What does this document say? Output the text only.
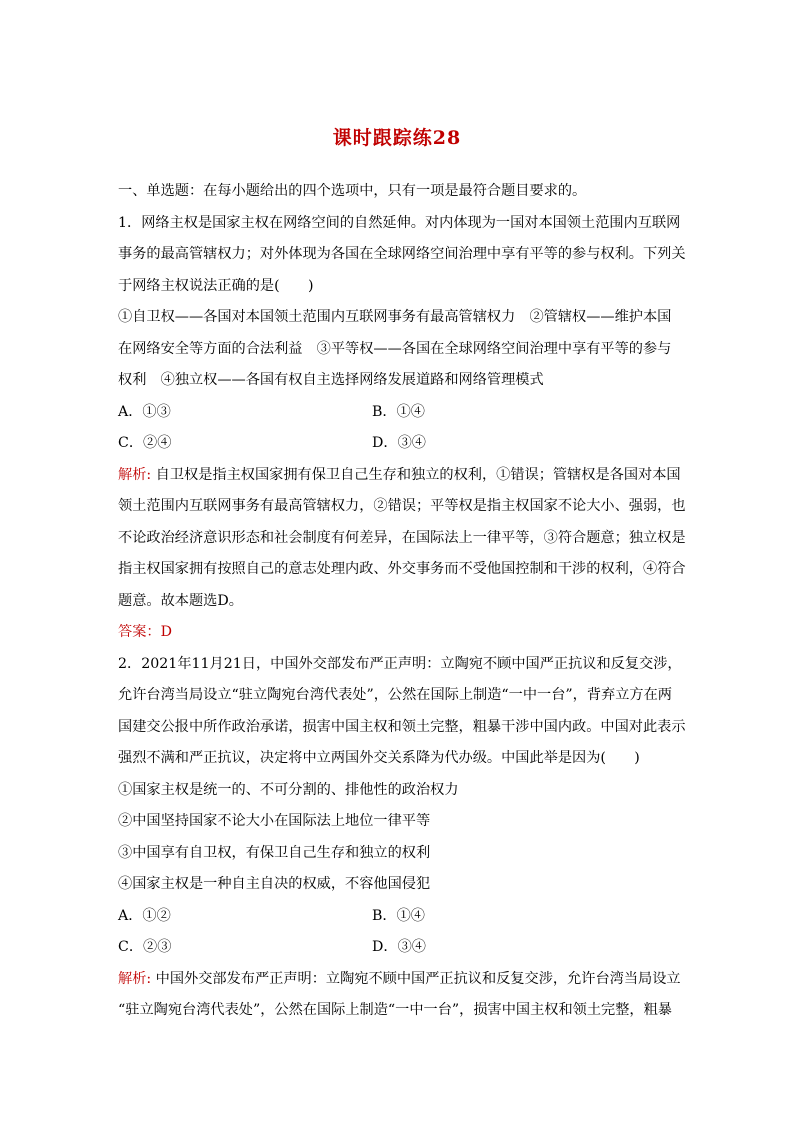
课时跟踪练28
一、单选题：在每小题给出的四个选项中，只有一项是最符合题目要求的。
1．网络主权是国家主权在网络空间的自然延伸。对内体现为一国对本国领土范围内互联网
事务的最高管辖权力；对外体现为各国在全球网络空间治理中享有平等的参与权利。下列关
于网络主权说法正确的是(　　)
①自卫权——各国对本国领土范围内互联网事务有最高管辖权力　②管辖权——维护本国
在网络安全等方面的合法利益　③平等权——各国在全球网络空间治理中享有平等的参与
权利　④独立权——各国有权自主选择网络发展道路和网络管理模式
A．①③	B．①④
C．②④	D．③④
解析: 自卫权是指主权国家拥有保卫自己生存和独立的权利，①错误；管辖权是各国对本国
领土范围内互联网事务有最高管辖权力，②错误；平等权是指主权国家不论大小、强弱，也
不论政治经济意识形态和社会制度有何差异，在国际法上一律平等，③符合题意；独立权是
指主权国家拥有按照自己的意志处理内政、外交事务而不受他国控制和干涉的权利，④符合
题意。故本题选D。
答案：D
2．2021年11月21日，中国外交部发布严正声明：立陶宛不顾中国严正抗议和反复交涉，
允许台湾当局设立“驻立陶宛台湾代表处”，公然在国际上制造“一中一台”，背弃立方在两
国建交公报中所作政治承诺，损害中国主权和领土完整，粗暴干涉中国内政。中国对此表示
强烈不满和严正抗议，决定将中立两国外交关系降为代办级。中国此举是因为(　　)
①国家主权是统一的、不可分割的、排他性的政治权力
②中国坚持国家不论大小在国际法上地位一律平等
③中国享有自卫权，有保卫自己生存和独立的权利
④国家主权是一种自主自决的权威，不容他国侵犯
A．①②	B．①④
C．②③	D．③④
解析: 中国外交部发布严正声明：立陶宛不顾中国严正抗议和反复交涉，允许台湾当局设立
“驻立陶宛台湾代表处”，公然在国际上制造“一中一台”，损害中国主权和领土完整，粗暴
